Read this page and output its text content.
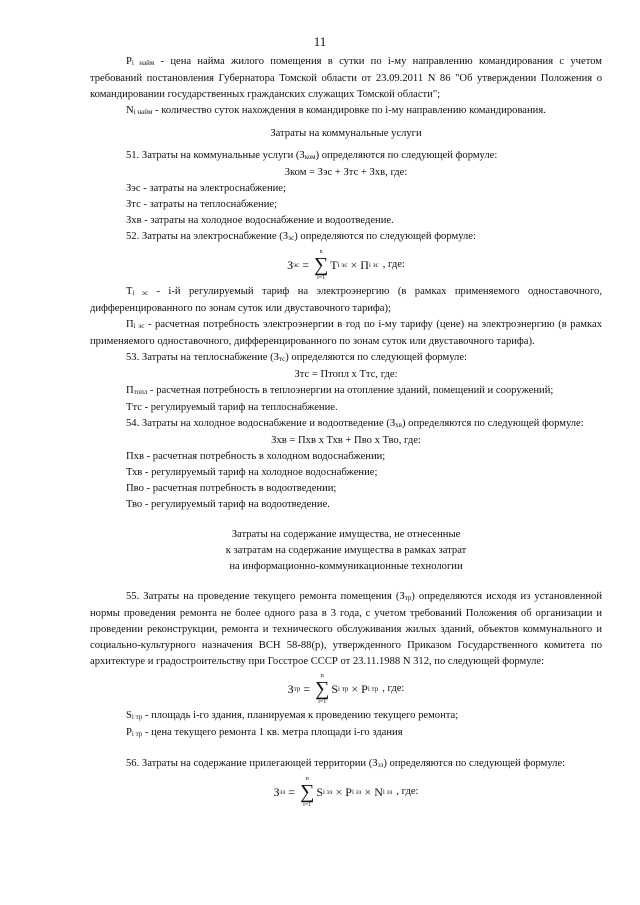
11

Pi найм - цена найма жилого помещения в сутки по i-му направлению командирования с учетом требований постановления Губернатора Томской области от 23.09.2011 N 86 "Об утверждении Положения о командировании государственных гражданских служащих Томской области";

Ni найм - количество суток нахождения в командировке по i-му направлению командирования.

Затраты на коммунальные услуги

51. Затраты на коммунальные услуги (Зком) определяются по следующей формуле:

Зком = Зэс + Зтс + Зхв, где:

Зэс - затраты на электроснабжение;

Зтс - затраты на теплоснабжение;

Зхв - затраты на холодное водоснабжение и водоотведение.

52. Затраты на электроснабжение (Зэс) определяются по следующей формуле:

З эс =
n
∑
i=1
T i эс × П i эс , где:

Ti эс - i-й регулируемый тариф на электроэнергию (в рамках применяемого одноставочного, дифференцированного по зонам суток или двуставочного тарифа);

Пi эс - расчетная потребность электроэнергии в год по i-му тарифу (цене) на электроэнергию (в рамках применяемого одноставочного, дифференцированного по зонам суток или двуставочного тарифа).

53. Затраты на теплоснабжение (Зтс) определяются по следующей формуле:

Зтс = Птопл x Ттс, где:

Птопл - расчетная потребность в теплоэнергии на отопление зданий, помещений и сооружений;

Ттс - регулируемый тариф на теплоснабжение.

54. Затраты на холодное водоснабжение и водоотведение (Зхв) определяются по следующей формуле:

Зхв = Пхв x Тхв + Пво x Тво, где:

Пхв - расчетная потребность в холодном водоснабжении;

Тхв - регулируемый тариф на холодное водоснабжение;

Пво - расчетная потребность в водоотведении;

Тво - регулируемый тариф на водоотведение.

Затраты на содержание имущества, не отнесенные

к затратам на содержание имущества в рамках затрат

на информационно-коммуникационные технологии

55. Затраты на проведение текущего ремонта помещения (Зтр) определяются исходя из установленной нормы проведения ремонта не более одного раза в 3 года, с учетом требований Положения об организации и проведении реконструкции, ремонта и технического обслуживания жилых зданий, объектов коммунального и социально-культурного назначения ВСН 58-88(р), утвержденного Приказом Государственного комитета по архитектуре и градостроительству при Госстрое СССР от 23.11.1988 N 312, по следующей формуле:

З тр =
n
∑
i=1
S i тр × P i тр , где:

Si тр - площадь i-го здания, планируемая к проведению текущего ремонта;

Pi тр - цена текущего ремонта 1 кв. метра площади i-го здания

56. Затраты на содержание прилегающей территории (Зэз) определяются по следующей формуле:

З эз =
n
∑
i=1
S i эз × P i эз × N i эз , где:
